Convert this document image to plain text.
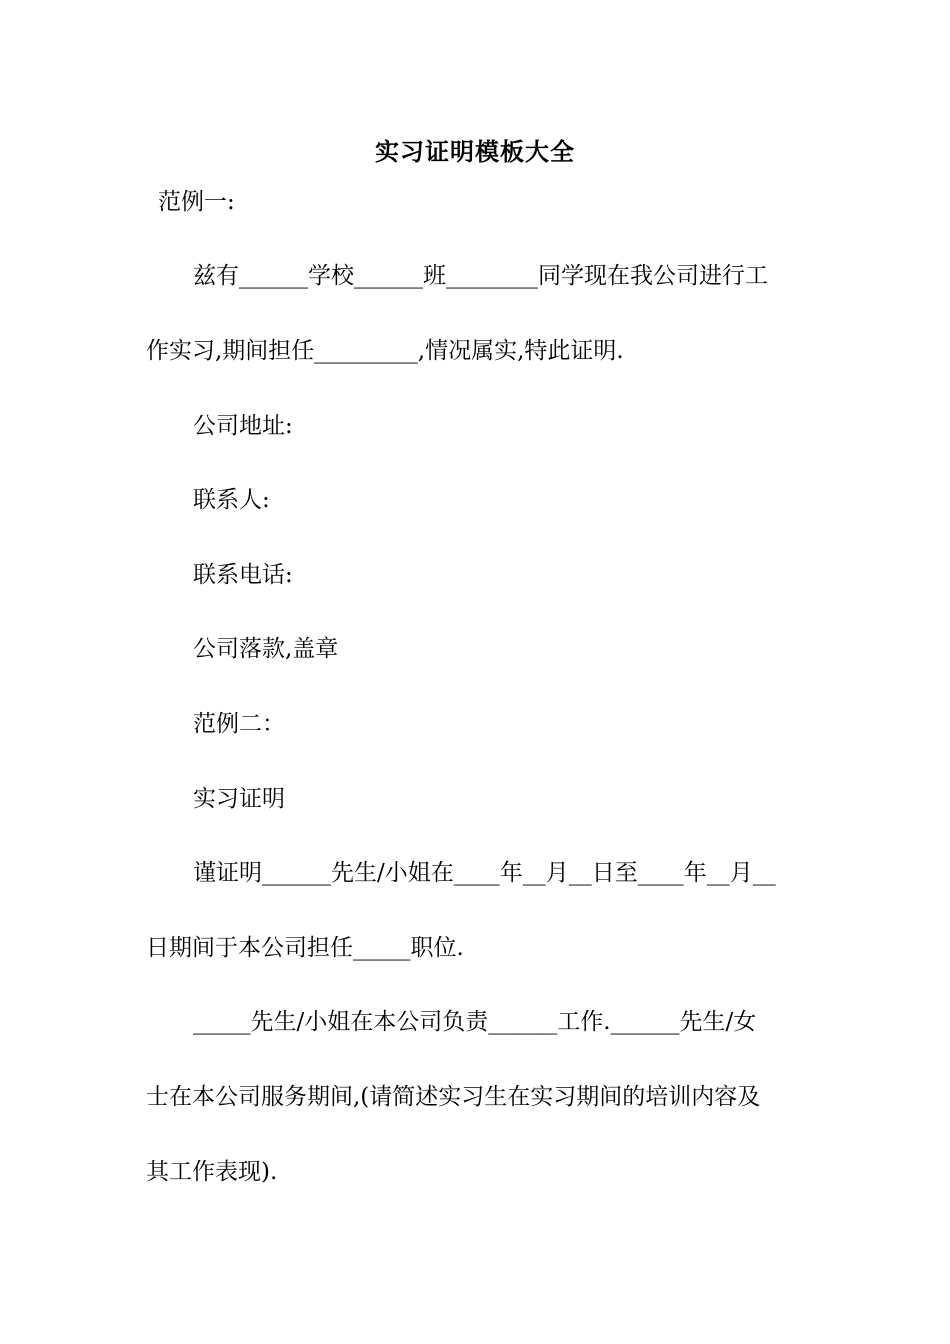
实习证明模板大全
范例一:
兹有______学校______班________同学现在我公司进行工
作实习,期间担任_________,情况属实,特此证明.
公司地址:
联系人:
联系电话:
公司落款,盖章
范例二：
实习证明
谨证明______先生/小姐在____年__月__日至____年__月__
日期间于本公司担任_____职位.
_____先生/小姐在本公司负责______工作.______先生/女
士在本公司服务期间,(请简述实习生在实习期间的培训内容及
其工作表现).
